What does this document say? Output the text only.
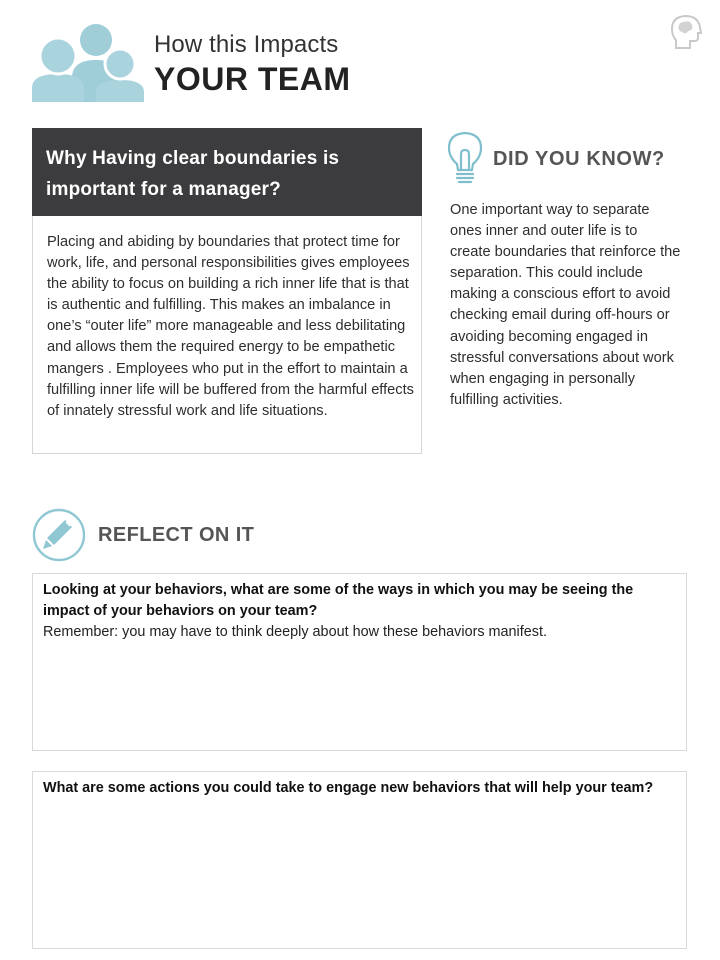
How this Impacts
YOUR TEAM
Why Having clear boundaries is important for a manager?
Placing and abiding by boundaries that protect time for work, life, and personal responsibilities gives employees the ability to focus on building a rich inner life that is that is authentic and fulfilling. This makes an imbalance in one’s “outer life” more manageable and less debilitating and allows them the required energy to be empathetic mangers . Employees who put in the effort to maintain a fulfilling inner life will be buffered from the harmful effects of innately stressful work and life situations.
DID YOU KNOW?
One important way to separate ones inner and outer life is to create boundaries that reinforce the separation. This could include making a conscious effort to avoid checking email during off-hours or avoiding becoming engaged in stressful conversations about work when engaging in personally fulfilling activities.
REFLECT ON IT
Looking at your behaviors, what are some of the ways in which you may be seeing the impact of your behaviors on your team?
Remember: you may have to think deeply about how these behaviors manifest.
What are some actions you could take to engage new behaviors that will help your team?
